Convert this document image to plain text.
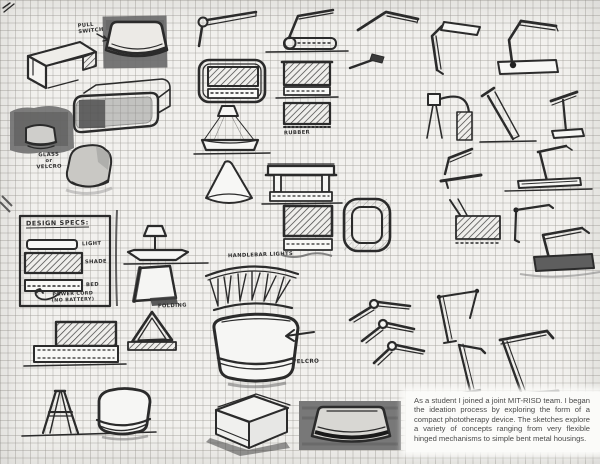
PULL
SWITCH
GLASS
or
VELCRO
DESIGN SPECS:
LIGHT
SHADE
BED
POWER CORD
(NO BATTERY)
RUBBER
FOLDING
HANDLEBAR LIGHTS
VELCRO

As a student I joined a joint MIT-RISD team. I began the ideation process by exploring the form of a compact phototherapy device. The sketches explore a variety of concepts ranging from very flexible hinged mechanisms to simple bent metal housings.
